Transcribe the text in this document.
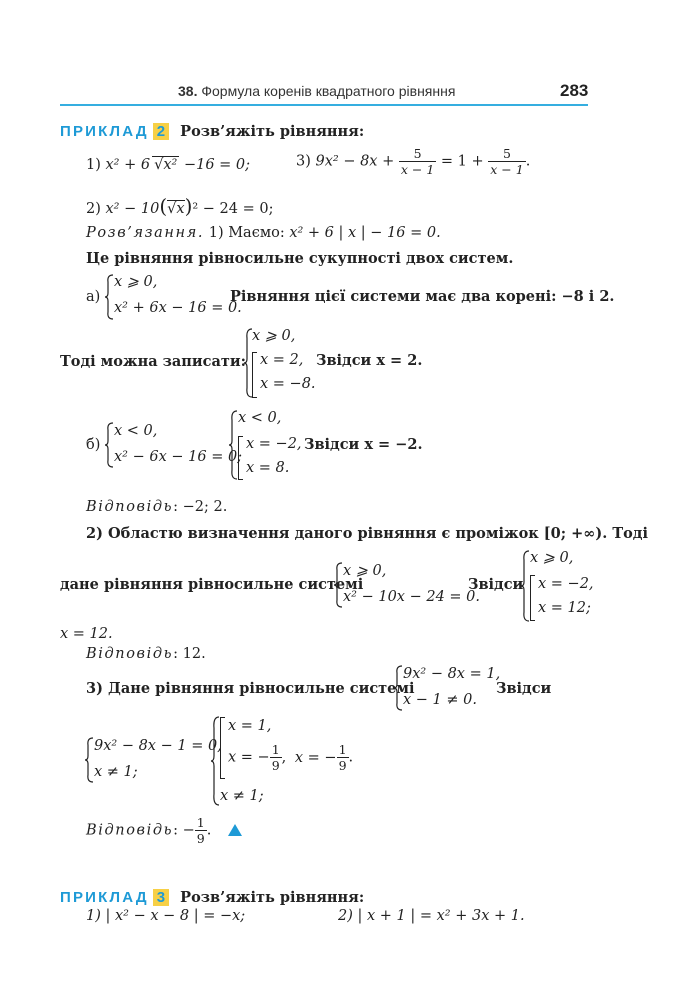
38. Формула коренів квадратного рівняння	283
ПРИКЛАД 2 Розв’яжіть рівняння:
1) x² + 6 √x² −16 = 0;	3) $9x^2 - 8x + \frac{5}{x - 1} = 1 + \frac{5}{x - 1}$ .
2) x² − 10(√x)² − 24 = 0;
Розв’язання. 1) Маємо: x² + 6 | x | − 16 = 0.
Це рівняння рівносильне сукупності двох систем.
а)
x ⩾ 0,
x² + 6x − 16 = 0.
Рівняння цієї системи має два корені: −8 і 2.
Тоді можна записати:
x ⩾ 0,
x = 2,
x = −8.
Звідси x = 2.
б)
x < 0,
x² − 6x − 16 = 0;
x < 0,
x = −2,
x = 8.
Звідси x = −2.
Відповідь: −2; 2.
2) Областю визначення даного рівняння є проміжок [0; +∞). Тоді
дане рівняння рівносильне системі
x ⩾ 0,
x² − 10x − 24 = 0.
Звідси
x ⩾ 0,
x = −2,
x = 12;
x = 12.
Відповідь: 12.
3) Дане рівняння рівносильне системі
9x² − 8x = 1,
x − 1 ≠ 0.
Звідси
9x² − 8x − 1 = 0,
x ≠ 1;
x = 1,
x = − $\frac{1}{9}$ , x = − $\frac{1}{9}$ .
x ≠ 1;
Відповідь: − $\frac{1}{9}$ .
ПРИКЛАД 3 Розв’яжіть рівняння:
1) | x² − x − 8 | = −x;	2) | x + 1 | = x² + 3x + 1.
